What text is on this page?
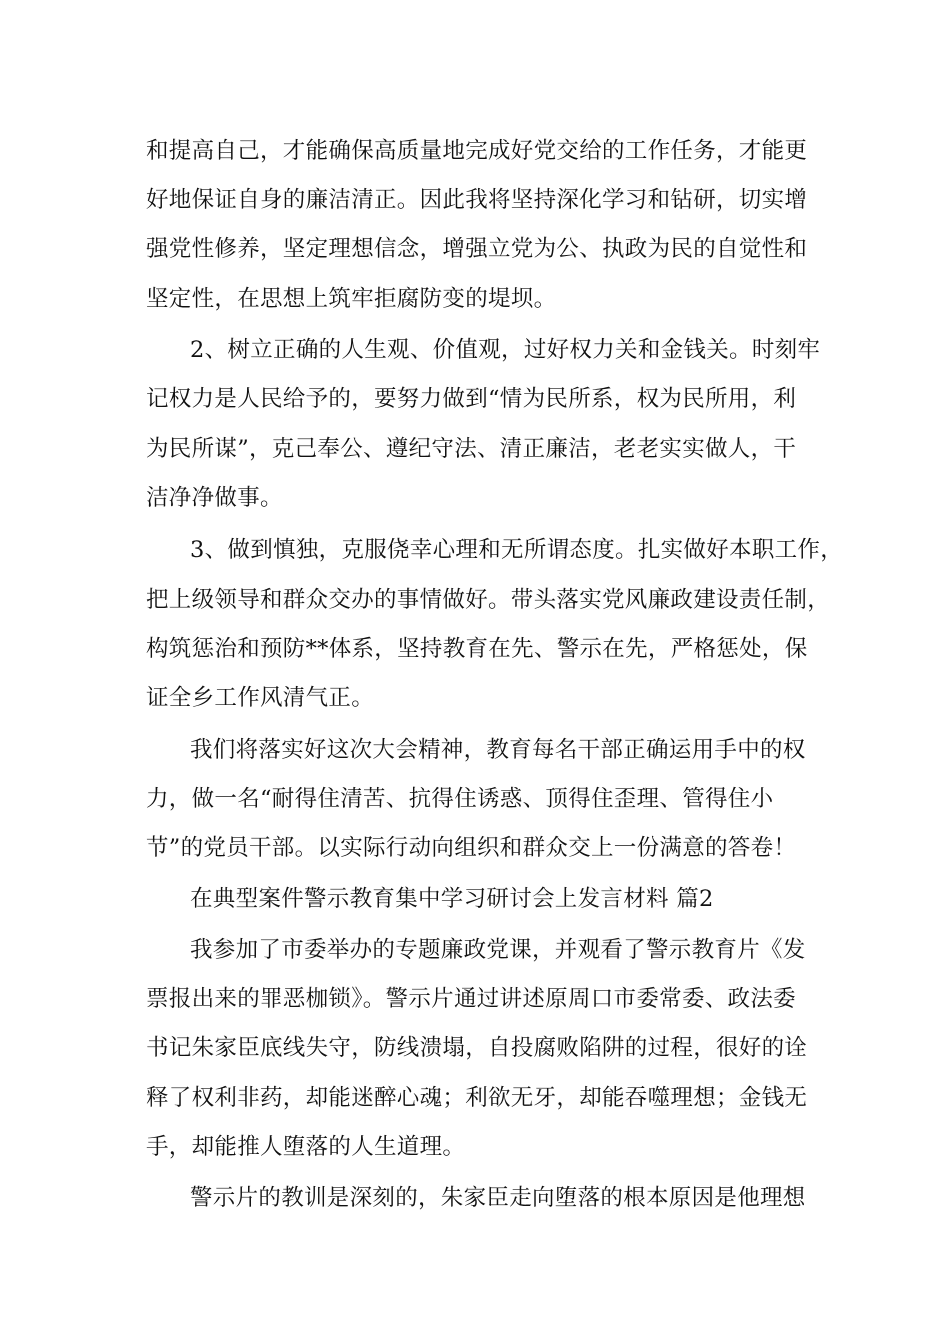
和提高自己，才能确保高质量地完成好党交给的工作任务，才能更
好地保证自身的廉洁清正。因此我将坚持深化学习和钻研，切实增
强党性修养，坚定理想信念，增强立党为公、执政为民的自觉性和
坚定性，在思想上筑牢拒腐防变的堤坝。
2、树立正确的人生观、价值观，过好权力关和金钱关。时刻牢
记权力是人民给予的，要努力做到“情为民所系，权为民所用，利
为民所谋”，克己奉公、遵纪守法、清正廉洁，老老实实做人，干
洁净净做事。
3、做到慎独，克服侥幸心理和无所谓态度。扎实做好本职工作，
把上级领导和群众交办的事情做好。带头落实党风廉政建设责任制，
构筑惩治和预防**体系，坚持教育在先、警示在先，严格惩处，保
证全乡工作风清气正。
我们将落实好这次大会精神，教育每名干部正确运用手中的权
力，做一名“耐得住清苦、抗得住诱惑、顶得住歪理、管得住小
节”的党员干部。以实际行动向组织和群众交上一份满意的答卷！
在典型案件警示教育集中学习研讨会上发言材料 篇2
我参加了市委举办的专题廉政党课，并观看了警示教育片《发
票报出来的罪恶枷锁》。警示片通过讲述原周口市委常委、政法委
书记朱家臣底线失守，防线溃塌，自投腐败陷阱的过程，很好的诠
释了权利非药，却能迷醉心魂；利欲无牙，却能吞噬理想；金钱无
手，却能推人堕落的人生道理。
警示片的教训是深刻的，朱家臣走向堕落的根本原因是他理想
